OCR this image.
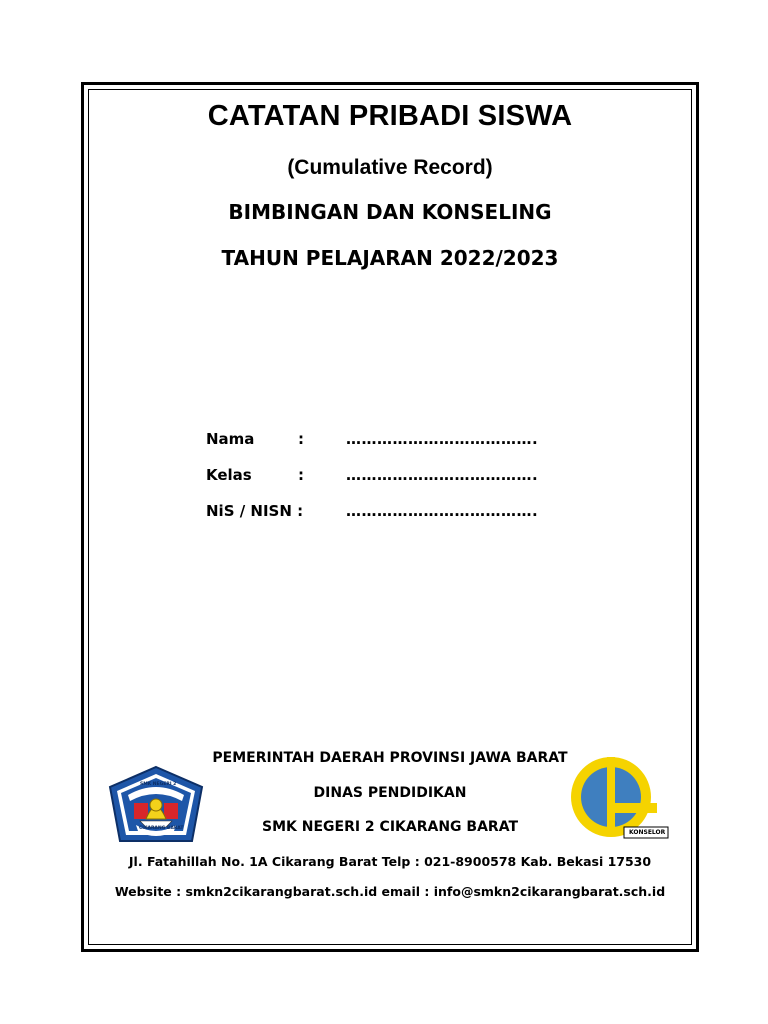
CATATAN PRIBADI SISWA
(Cumulative Record)
BIMBINGAN DAN KONSELING
TAHUN PELAJARAN 2022/2023
Nama	:	……………………………….
Kelas	:	……………………………….
NiS / NISN :	……………………………….
SMK NEGERI 2
CIKARANG BARAT
KONSELOR
PEMERINTAH DAERAH PROVINSI JAWA BARAT
DINAS PENDIDIKAN
SMK NEGERI 2 CIKARANG BARAT
Jl. Fatahillah No. 1A Cikarang Barat Telp : 021-8900578 Kab. Bekasi 17530
Website : smkn2cikarangbarat.sch.id email : info@smkn2cikarangbarat.sch.id
